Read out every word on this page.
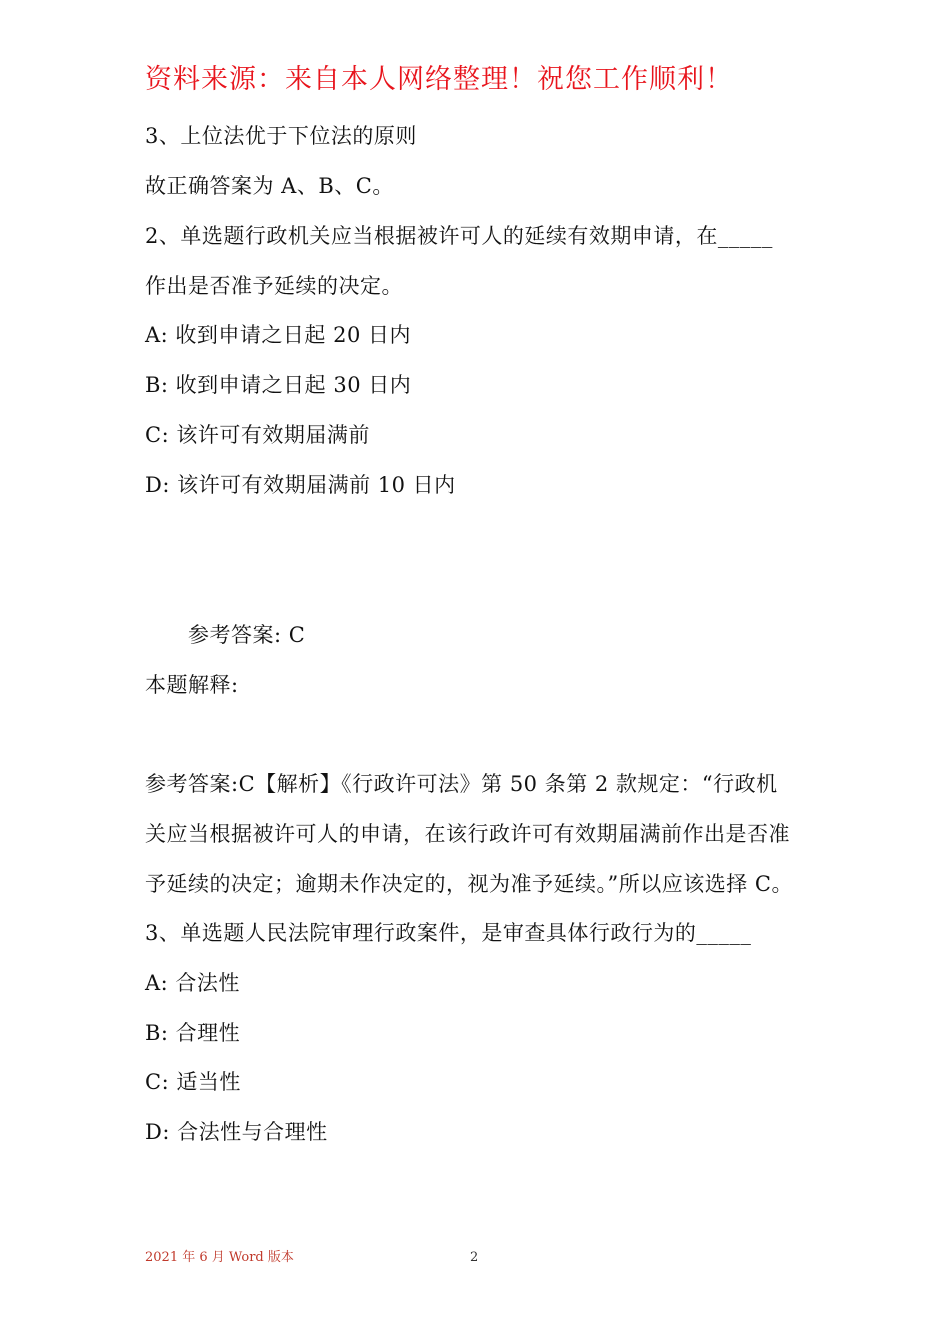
资料来源：来自本人网络整理！祝您工作顺利！
3、上位法优于下位法的原则
故正确答案为 A、B、C。
2、单选题行政机关应当根据被许可人的延续有效期申请，在_____
作出是否准予延续的决定。
A: 收到申请之日起 20 日内
B: 收到申请之日起 30 日内
C: 该许可有效期届满前
D: 该许可有效期届满前 10 日内
参考答案: C
本题解释:
参考答案:C【解析】《行政许可法》第 50 条第 2 款规定：“行政机
关应当根据被许可人的申请，在该行政许可有效期届满前作出是否准
予延续的决定；逾期未作决定的，视为准予延续。”所以应该选择 C。
3、单选题人民法院审理行政案件，是审查具体行政行为的_____
A: 合法性
B: 合理性
C: 适当性
D: 合法性与合理性
2021 年 6 月 Word 版本	2
